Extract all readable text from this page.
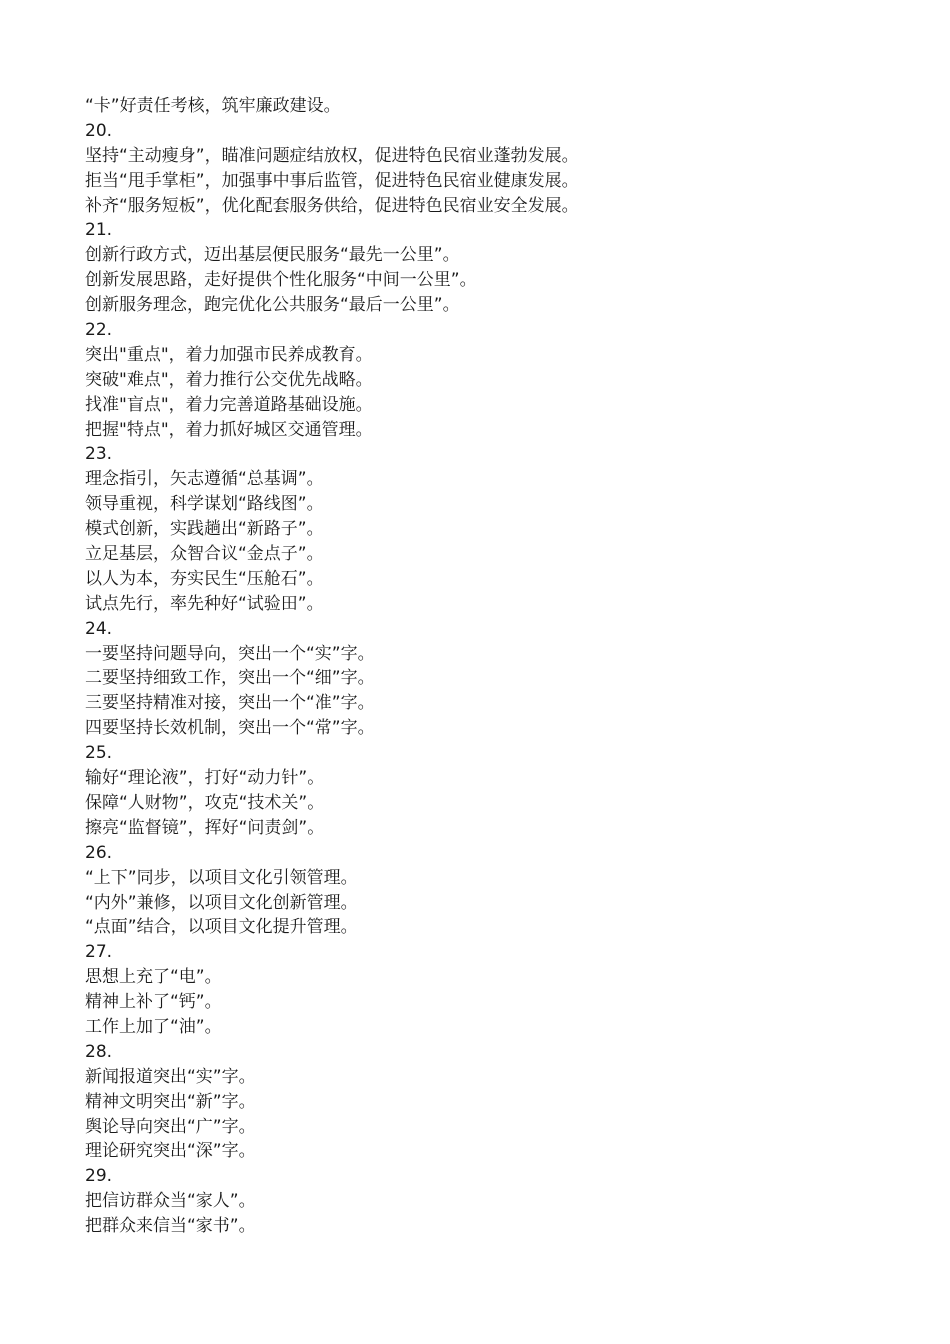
“卡”好责任考核，筑牢廉政建设。
20.
坚持“主动瘦身”，瞄准问题症结放权，促进特色民宿业蓬勃发展。
拒当“甩手掌柜”，加强事中事后监管，促进特色民宿业健康发展。
补齐“服务短板”，优化配套服务供给，促进特色民宿业安全发展。
21.
创新行政方式，迈出基层便民服务“最先一公里”。
创新发展思路，走好提供个性化服务“中间一公里”。
创新服务理念，跑完优化公共服务“最后一公里”。
22.
突出"重点"，着力加强市民养成教育。
突破"难点"，着力推行公交优先战略。
找准"盲点"，着力完善道路基础设施。
把握"特点"，着力抓好城区交通管理。
23.
理念指引，矢志遵循“总基调”。
领导重视，科学谋划“路线图”。
模式创新，实践趟出“新路子”。
立足基层，众智合议“金点子”。
以人为本，夯实民生“压舱石”。
试点先行，率先种好“试验田”。
24.
一要坚持问题导向，突出一个“实”字。
二要坚持细致工作，突出一个“细”字。
三要坚持精准对接，突出一个“准”字。
四要坚持长效机制，突出一个“常”字。
25.
输好“理论液”，打好“动力针”。
保障“人财物”，攻克“技术关”。
擦亮“监督镜”，挥好“问责剑”。
26.
“上下”同步，以项目文化引领管理。
“内外”兼修，以项目文化创新管理。
“点面”结合，以项目文化提升管理。
27.
思想上充了“电”。
精神上补了“钙”。
工作上加了“油”。
28.
新闻报道突出“实”字。
精神文明突出“新”字。
舆论导向突出“广”字。
理论研究突出“深”字。
29.
把信访群众当“家人”。
把群众来信当“家书”。
